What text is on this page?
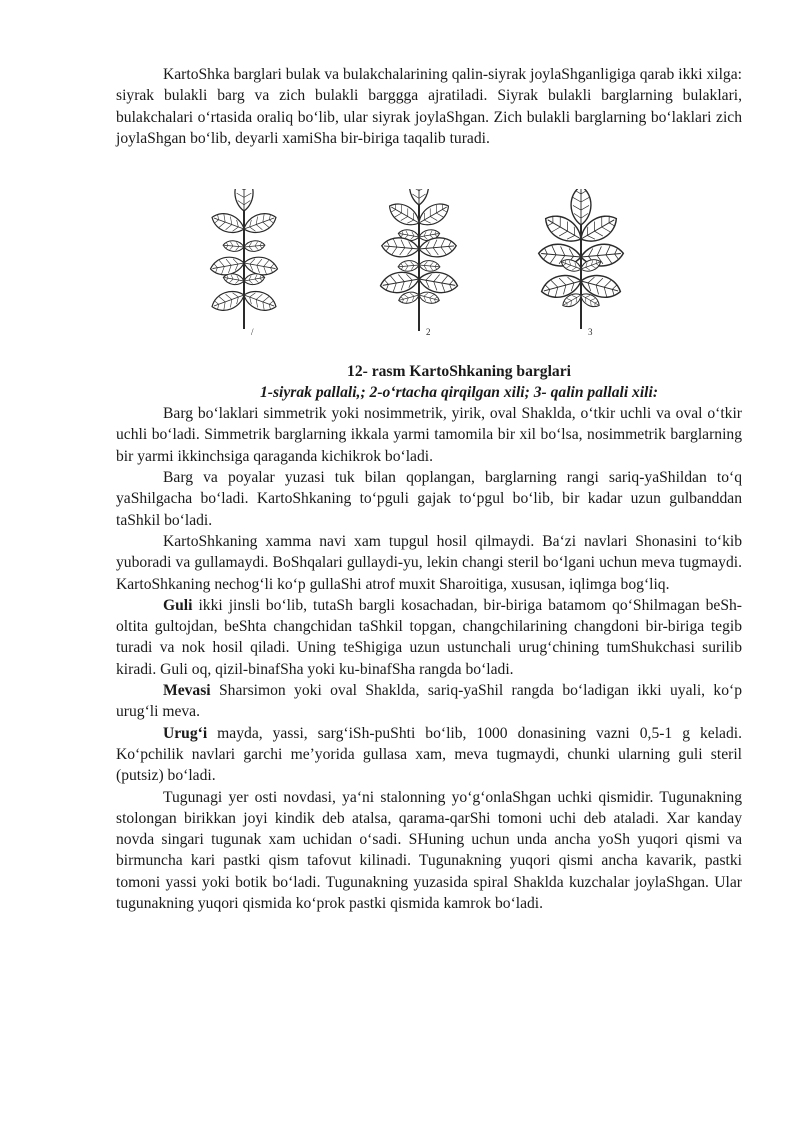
KartoShka barglari bulak va bulakchalarining qalin-siyrak joylaShganligiga qarab ikki xilga: siyrak bulakli barg va zich bulakli barggga ajratiladi. Siyrak bulakli barglarning bulaklari, bulakchalari o‘rtasida oraliq bo‘lib, ular siyrak joylaShgan. Zich bulakli barglarning bo‘laklari zich joylaShgan bo‘lib, deyarli xamiSha bir-biriga taqalib turadi.

/	2	3
12- rasm KartoShkaning barglari
1-siyrak pallali,; 2-o‘rtacha qirqilgan xili; 3- qalin pallali xili:

Barg bo‘laklari simmetrik yoki nosimmetrik, yirik, oval Shaklda, o‘tkir uchli va oval o‘tkir uchli bo‘ladi. Simmetrik barglarning ikkala yarmi tamomila bir xil bo‘lsa, nosimmetrik barglarning bir yarmi ikkinchsiga qaraganda kichikrok bo‘ladi.

Barg va poyalar yuzasi tuk bilan qoplangan, barglarning rangi sariq-yaShildan to‘q yaShilgacha bo‘ladi. KartoShkaning to‘pguli gajak to‘pgul bo‘lib, bir kadar uzun gulbanddan taShkil bo‘ladi.

KartoShkaning xamma navi xam tupgul hosil qilmaydi. Ba‘zi navlari Shonasini to‘kib yuboradi va gullamaydi. BoShqalari gullaydi-yu, lekin changi steril bo‘lgani uchun meva tugmaydi. KartoShkaning nechog‘li ko‘p gullaShi atrof muxit Sharoitiga, xususan, iqlimga bog‘liq.

Guli ikki jinsli bo‘lib, tutaSh bargli kosachadan, bir-biriga batamom qo‘Shilmagan beSh-oltita gultojdan, beShta changchidan taShkil topgan, changchilarining changdoni bir-biriga tegib turadi va nok hosil qiladi. Uning teShigiga uzun ustunchali urug‘chining tumShukchasi surilib kiradi. Guli oq, qizil-binafSha yoki ku-binafSha rangda bo‘ladi.

Mevasi Sharsimon yoki oval Shaklda, sariq-yaShil rangda bo‘ladigan ikki uyali, ko‘p urug‘li meva.

Urug‘i mayda, yassi, sarg‘iSh-puShti bo‘lib, 1000 donasining vazni 0,5-1 g keladi. Ko‘pchilik navlari garchi me’yorida gullasa xam, meva tugmaydi, chunki ularning guli steril (putsiz) bo‘ladi.

Tugunagi yer osti novdasi, ya‘ni stalonning yo‘g‘onlaShgan uchki qismidir. Tugunakning stolongan birikkan joyi kindik deb atalsa, qarama-qarShi tomoni uchi deb ataladi. Xar kanday novda singari tugunak xam uchidan o‘sadi. SHuning uchun unda ancha yoSh yuqori qismi va birmuncha kari pastki qism tafovut kilinadi. Tugunakning yuqori qismi ancha kavarik, pastki tomoni yassi yoki botik bo‘ladi. Tugunakning yuzasida spiral Shaklda kuzchalar joylaShgan. Ular tugunakning yuqori qismida ko‘prok pastki qismida kamrok bo‘ladi.
